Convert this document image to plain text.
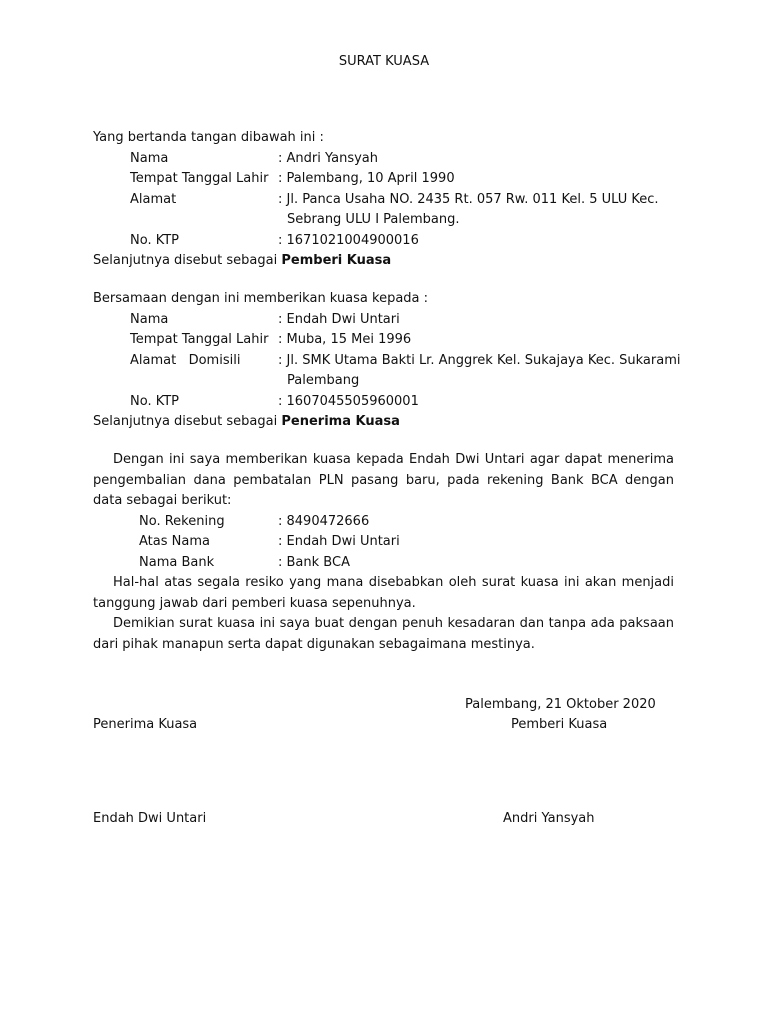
SURAT KUASA
Yang bertanda tangan dibawah ini :
Nama	: Andri Yansyah
Tempat Tanggal Lahir : Palembang, 10 April 1990
Alamat	: Jl. Panca Usaha NO. 2435 Rt. 057 Rw. 011 Kel. 5 ULU Kec.
Sebrang ULU I Palembang.
No. KTP	: 1671021004900016
Selanjutnya disebut sebagai Pemberi Kuasa
Bersamaan dengan ini memberikan kuasa kepada :
Nama	: Endah Dwi Untari
Tempat Tanggal Lahir : Muba, 15 Mei 1996
Alamat   Domisili	: Jl. SMK Utama Bakti Lr. Anggrek Kel. Sukajaya Kec. Sukarami
Palembang
No. KTP	: 1607045505960001
Selanjutnya disebut sebagai Penerima Kuasa
Dengan ini saya memberikan kuasa kepada Endah Dwi Untari agar dapat menerima pengembalian dana pembatalan PLN pasang baru, pada rekening Bank BCA dengan data sebagai berikut:
No. Rekening	: 8490472666
Atas Nama	: Endah Dwi Untari
Nama Bank	: Bank BCA
Hal-hal atas segala resiko yang mana disebabkan oleh surat kuasa ini akan menjadi tanggung jawab dari pemberi kuasa sepenuhnya.
Demikian surat kuasa ini saya buat dengan penuh kesadaran dan tanpa ada paksaan dari pihak manapun serta dapat digunakan sebagaimana mestinya.
Palembang, 21 Oktober 2020
Penerima Kuasa	Pemberi Kuasa
Endah Dwi Untari	Andri Yansyah
